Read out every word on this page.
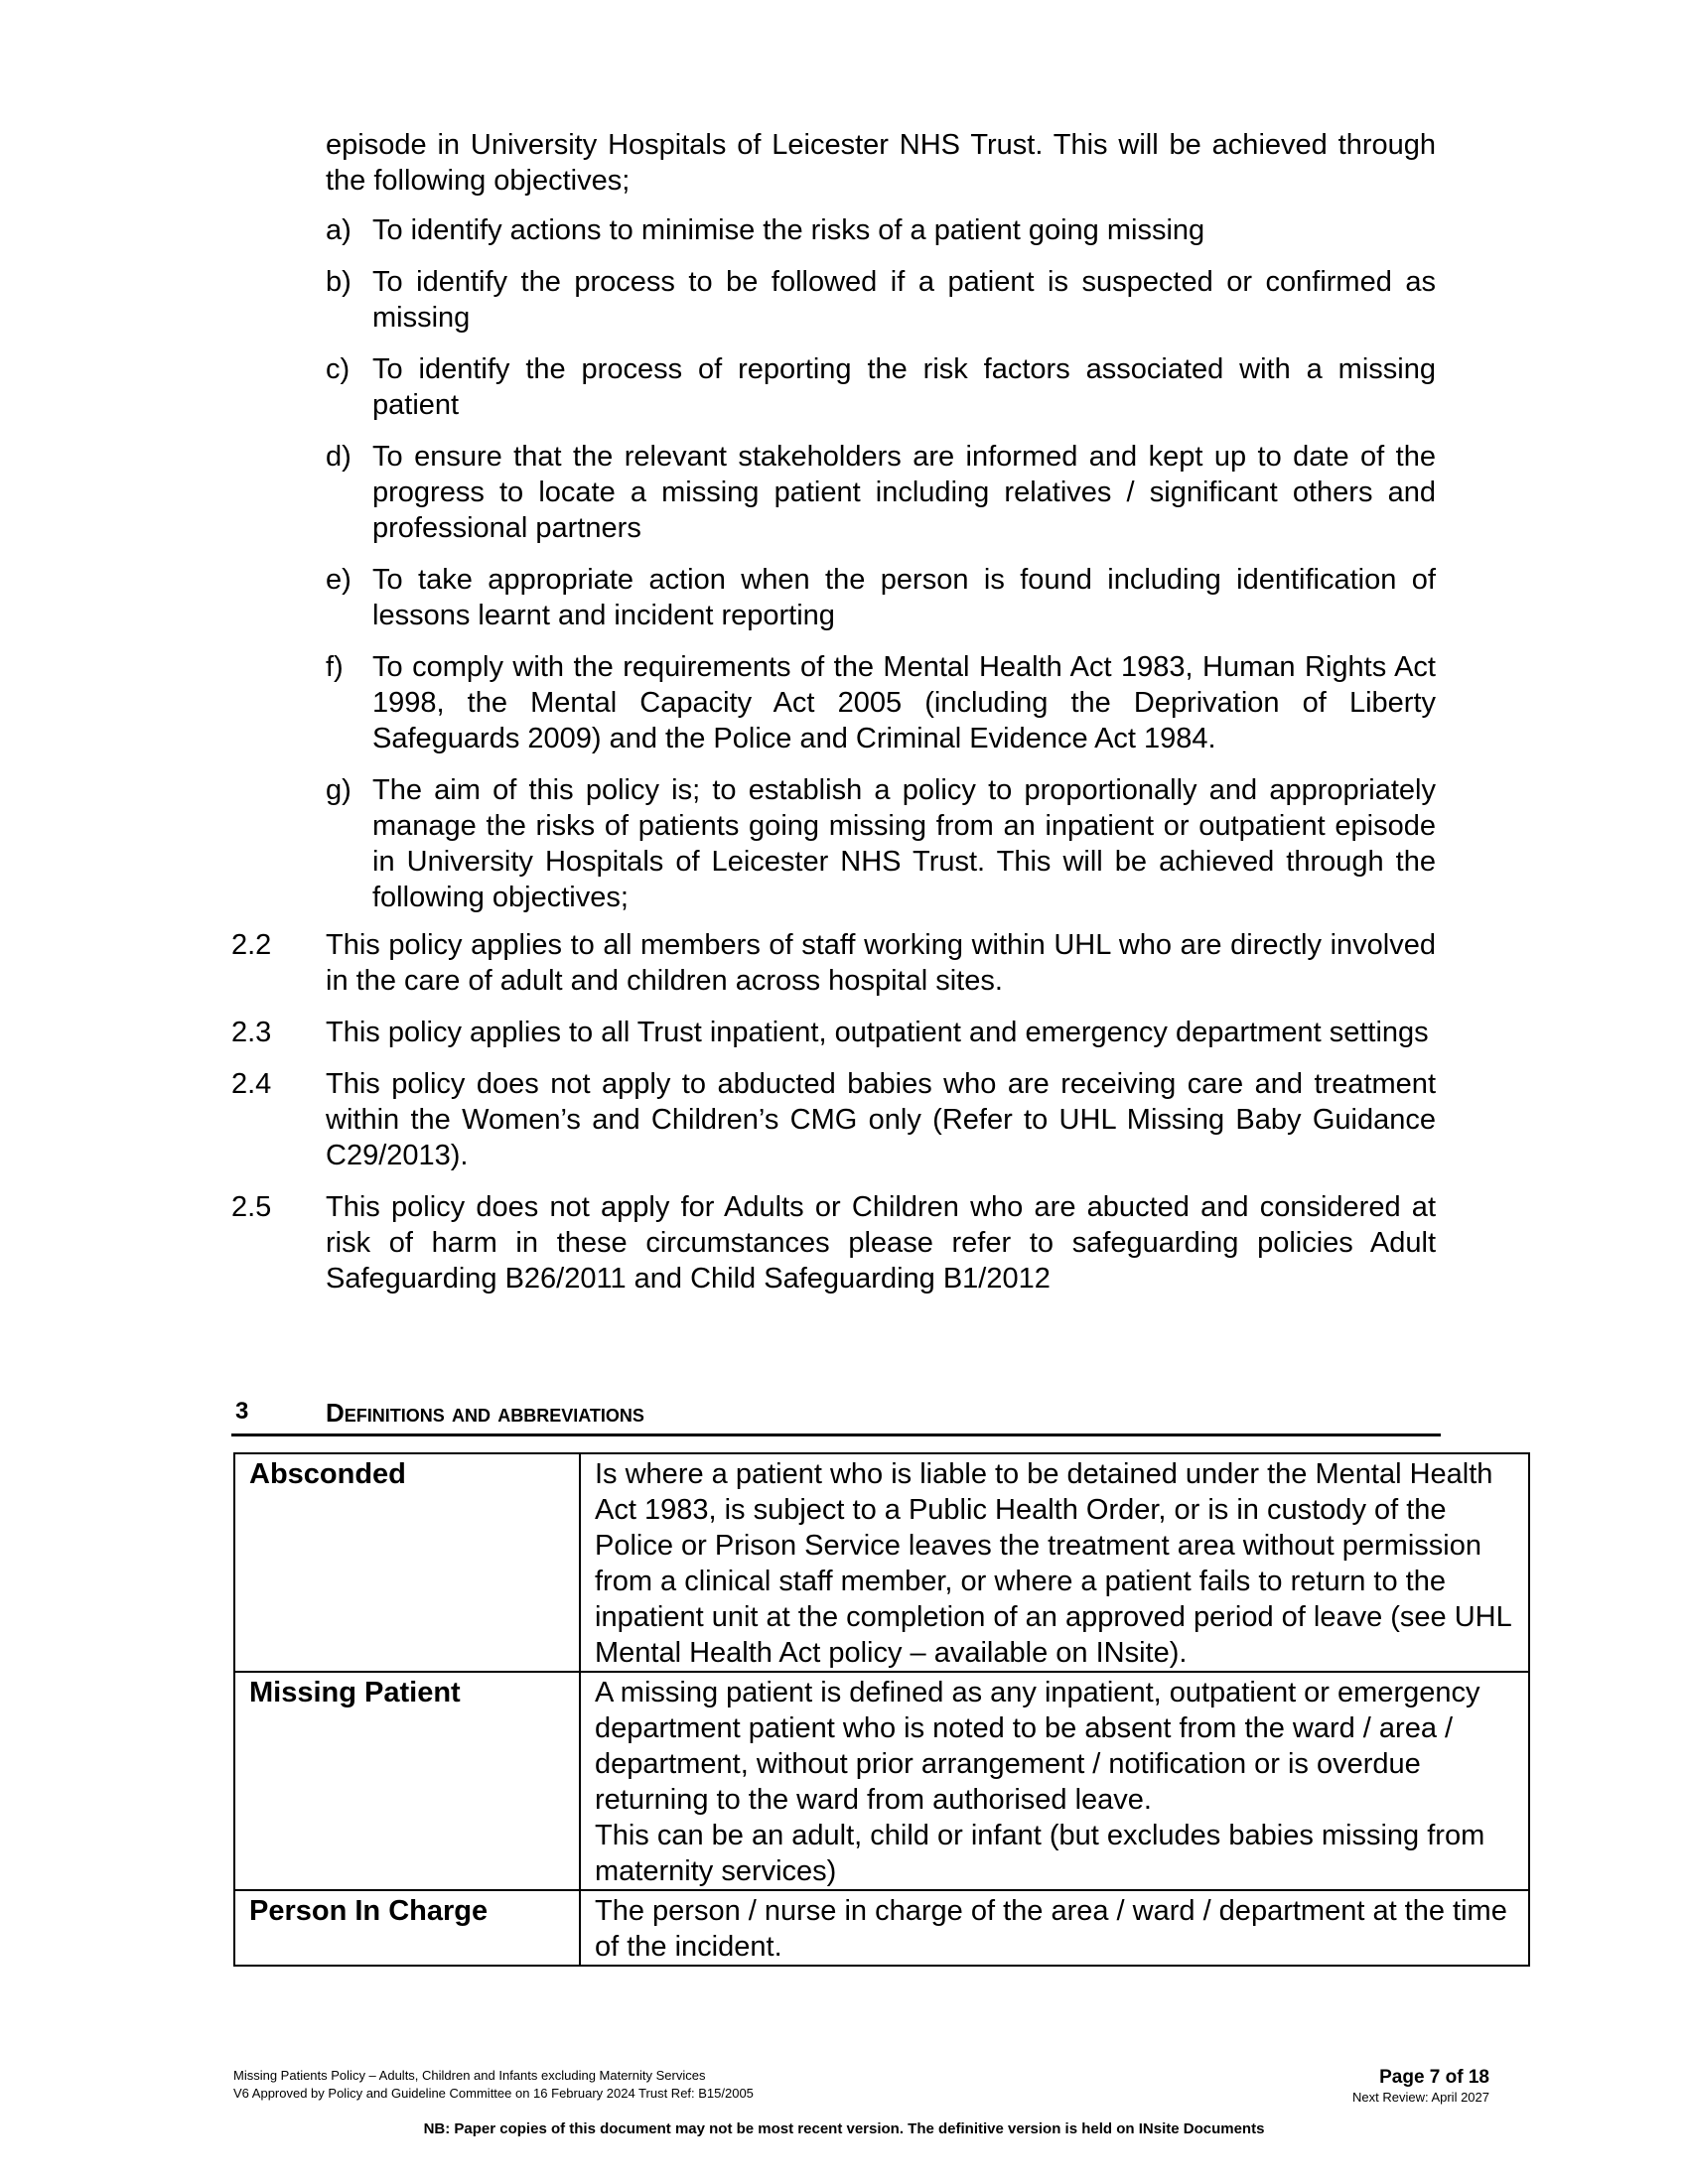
episode in University Hospitals of Leicester NHS Trust. This will be achieved through the following objectives;
a) To identify actions to minimise the risks of a patient going missing
b) To identify the process to be followed if a patient is suspected or confirmed as missing
c) To identify the process of reporting the risk factors associated with a missing patient
d) To ensure that the relevant stakeholders are informed and kept up to date of the progress to locate a missing patient including relatives / significant others and professional partners
e) To take appropriate action when the person is found including identification of lessons learnt and incident reporting
f) To comply with the requirements of the Mental Health Act 1983, Human Rights Act 1998, the Mental Capacity Act 2005 (including the Deprivation of Liberty Safeguards 2009) and the Police and Criminal Evidence Act 1984.
g) The aim of this policy is; to establish a policy to proportionally and appropriately manage the risks of patients going missing from an inpatient or outpatient episode in University Hospitals of Leicester NHS Trust. This will be achieved through the following objectives;
2.2 This policy applies to all members of staff working within UHL who are directly involved in the care of adult and children across hospital sites.
2.3 This policy applies to all Trust inpatient, outpatient and emergency department settings
2.4 This policy does not apply to abducted babies who are receiving care and treatment within the Women’s and Children’s CMG only (Refer to UHL Missing Baby Guidance C29/2013).
2.5 This policy does not apply for Adults or Children who are abucted and considered at risk of harm in these circumstances please refer to safeguarding policies Adult Safeguarding B26/2011 and Child Safeguarding B1/2012
3	Definitions and abbreviations
Absconded	Is where a patient who is liable to be detained under the Mental Health Act 1983, is subject to a Public Health Order, or is in custody of the Police or Prison Service leaves the treatment area without permission from a clinical staff member, or where a patient fails to return to the inpatient unit at the completion of an approved period of leave (see UHL Mental Health Act policy – available on INsite).
Missing Patient	A missing patient is defined as any inpatient, outpatient or emergency department patient who is noted to be absent from the ward / area / department, without prior arrangement / notification or is overdue returning to the ward from authorised leave.
This can be an adult, child or infant (but excludes babies missing from maternity services)

Person In Charge	The person / nurse in charge of the area / ward / department at the time of the incident.
Missing Patients Policy – Adults, Children and Infants excluding Maternity Services
V6 Approved by Policy and Guideline Committee on 16 February 2024 Trust Ref: B15/2005
Page 7 of 18
Next Review: April 2027
NB: Paper copies of this document may not be most recent version. The definitive version is held on INsite Documents
